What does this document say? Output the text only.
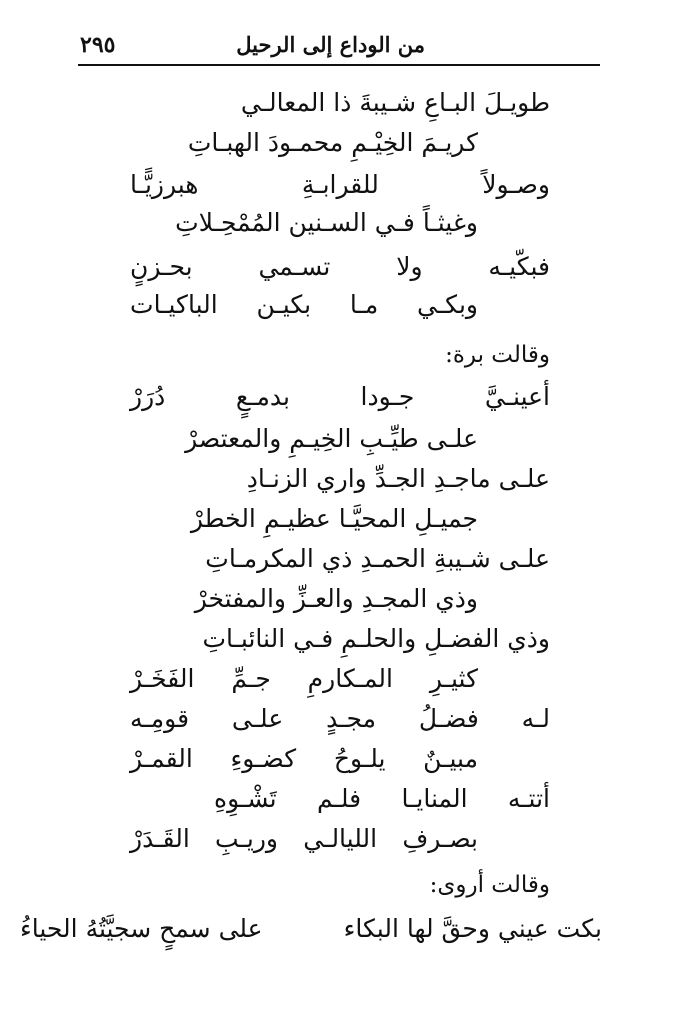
من الوداع إلى الرحيل
٢٩٥
طويـلَ البـاعِ شـيبةَ ذا المعالـي
كريـمَ الخِيْـمِ محمـودَ الهبـاتِ
وصـولاً
للقرابـةِ
هبرزيًّـا
وغيثـاً فـي السـنين المُمْحِـلاتِ
فبكّيـه
ولا
تسـمي
بحـزنٍ
وبكـي
مـا
بكيـن
الباكيـات
وقالت برة:
أعينـيَّ
جـودا
بدمـعٍ
دُرَرْ
علـى طيِّـبِ الخِيـمِ والمعتصرْ
علـى ماجـدِ الجـدِّ واري الزنـادِ
جميـلِ المحيَّـا عظيـمِ الخطرْ
علـى شـيبةِ الحمـدِ ذي المكرمـاتِ
وذي المجـدِ والعـزِّ والمفتخرْ
وذي الفضـلِ والحلـمِ فـي النائبـاتِ
كثيـرِ
المـكارمِ
جـمِّ
الفَخَـرْ
لـه
فضـلُ
مجـدٍ
علـى
قومِـه
مبيـنٌ
يلـوحُ
كضـوءِ
القمـرْ
أتتـه
المنايـا
فلـم
تَشْـوِهِ
بصـرفِ
الليالـي
وريـبِ
القَـدَرْ
وقالت أروى:
بكت عيني وحقَّ لها البكاء
على سمحٍ سجيَّتُهُ الحياءُ
